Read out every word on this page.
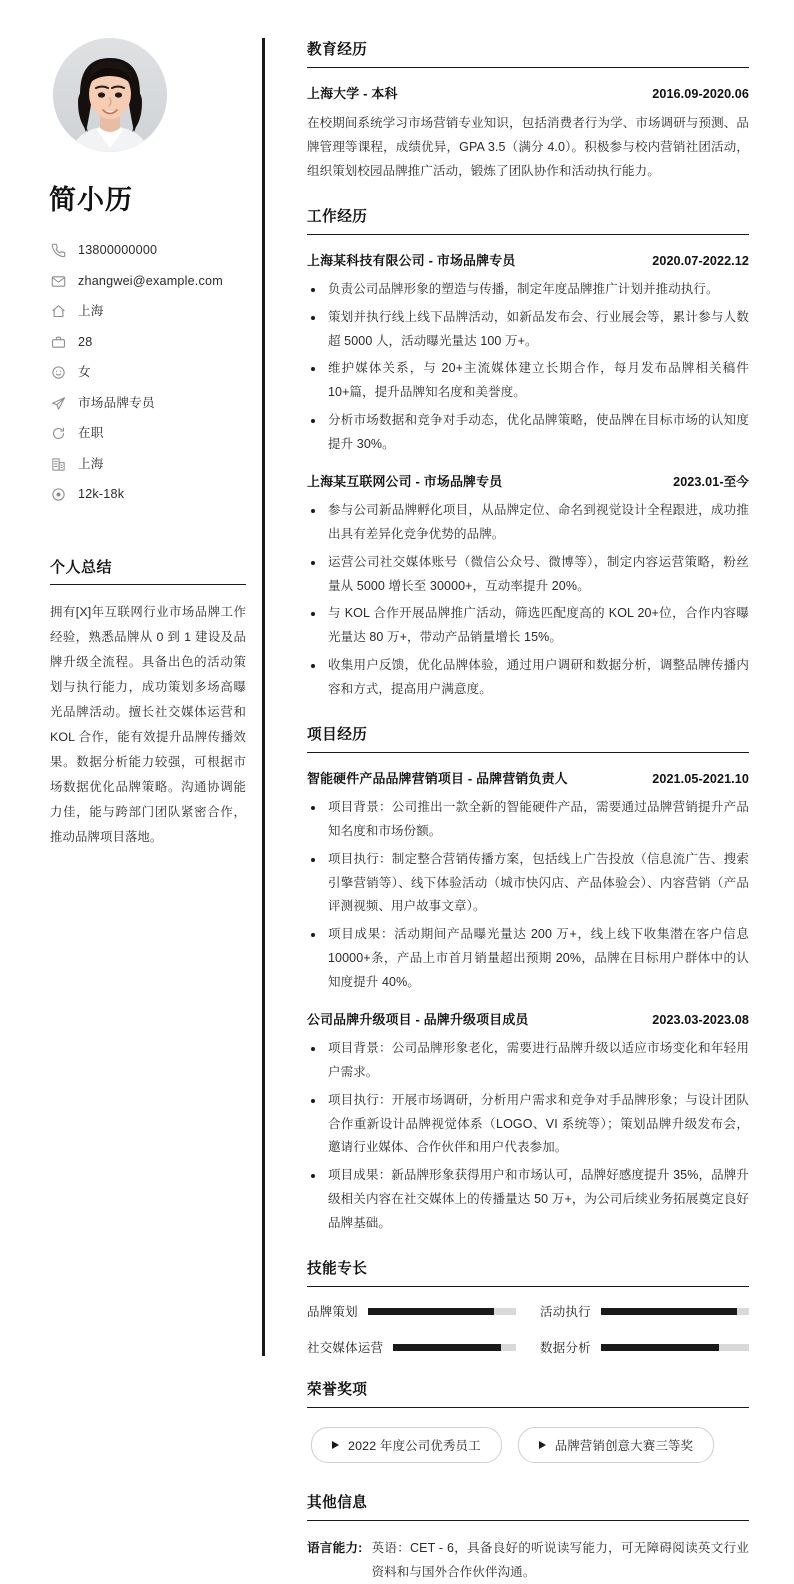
简小历
13800000000
zhangwei@example.com
上海
28
女
市场品牌专员
在职
上海
12k-18k
个人总结

拥有[X]年互联网行业市场品牌工作经验，熟悉品牌从 0 到 1 建设及品牌升级全流程。具备出色的活动策划与执行能力，成功策划多场高曝光品牌活动。擅长社交媒体运营和 KOL 合作，能有效提升品牌传播效果。数据分析能力较强，可根据市场数据优化品牌策略。沟通协调能力佳，能与跨部门团队紧密合作，推动品牌项目落地。

教育经历
上海大学 - 本科	2016.09-2020.06

在校期间系统学习市场营销专业知识，包括消费者行为学、市场调研与预测、品牌管理等课程，成绩优异，GPA 3.5（满分 4.0）。积极参与校内营销社团活动，组织策划校园品牌推广活动，锻炼了团队协作和活动执行能力。

工作经历
上海某科技有限公司 - 市场品牌专员	2020.07-2022.12
负责公司品牌形象的塑造与传播，制定年度品牌推广计划并推动执行。
策划并执行线上线下品牌活动，如新品发布会、行业展会等，累计参与人数超 5000 人，活动曝光量达 100 万+。
维护媒体关系，与 20+主流媒体建立长期合作，每月发布品牌相关稿件 10+篇，提升品牌知名度和美誉度。
分析市场数据和竞争对手动态，优化品牌策略，使品牌在目标市场的认知度提升 30%。
上海某互联网公司 - 市场品牌专员	2023.01-至今
参与公司新品牌孵化项目，从品牌定位、命名到视觉设计全程跟进，成功推出具有差异化竞争优势的品牌。
运营公司社交媒体账号（微信公众号、微博等），制定内容运营策略，粉丝量从 5000 增长至 30000+，互动率提升 20%。
与 KOL 合作开展品牌推广活动，筛选匹配度高的 KOL 20+位，合作内容曝光量达 80 万+，带动产品销量增长 15%。
收集用户反馈，优化品牌体验，通过用户调研和数据分析，调整品牌传播内容和方式，提高用户满意度。
项目经历
智能硬件产品品牌营销项目 - 品牌营销负责人	2021.05-2021.10
项目背景：公司推出一款全新的智能硬件产品，需要通过品牌营销提升产品知名度和市场份额。
项目执行：制定整合营销传播方案，包括线上广告投放（信息流广告、搜索引擎营销等）、线下体验活动（城市快闪店、产品体验会）、内容营销（产品评测视频、用户故事文章）。
项目成果：活动期间产品曝光量达 200 万+，线上线下收集潜在客户信息 10000+条，产品上市首月销量超出预期 20%，品牌在目标用户群体中的认知度提升 40%。
公司品牌升级项目 - 品牌升级项目成员	2023.03-2023.08
项目背景：公司品牌形象老化，需要进行品牌升级以适应市场变化和年轻用户需求。
项目执行：开展市场调研，分析用户需求和竞争对手品牌形象；与设计团队合作重新设计品牌视觉体系（LOGO、VI 系统等）；策划品牌升级发布会，邀请行业媒体、合作伙伴和用户代表参加。
项目成果：新品牌形象获得用户和市场认可，品牌好感度提升 35%，品牌升级相关内容在社交媒体上的传播量达 50 万+，为公司后续业务拓展奠定良好品牌基础。
技能专长
品牌策划	活动执行
社交媒体运营	数据分析
荣誉奖项
2022 年度公司优秀员工	品牌营销创意大赛三等奖
其他信息
语言能力: 英语：CET - 6，具备良好的听说读写能力，可无障碍阅读英文行业资料和与国外合作伙伴沟通。
